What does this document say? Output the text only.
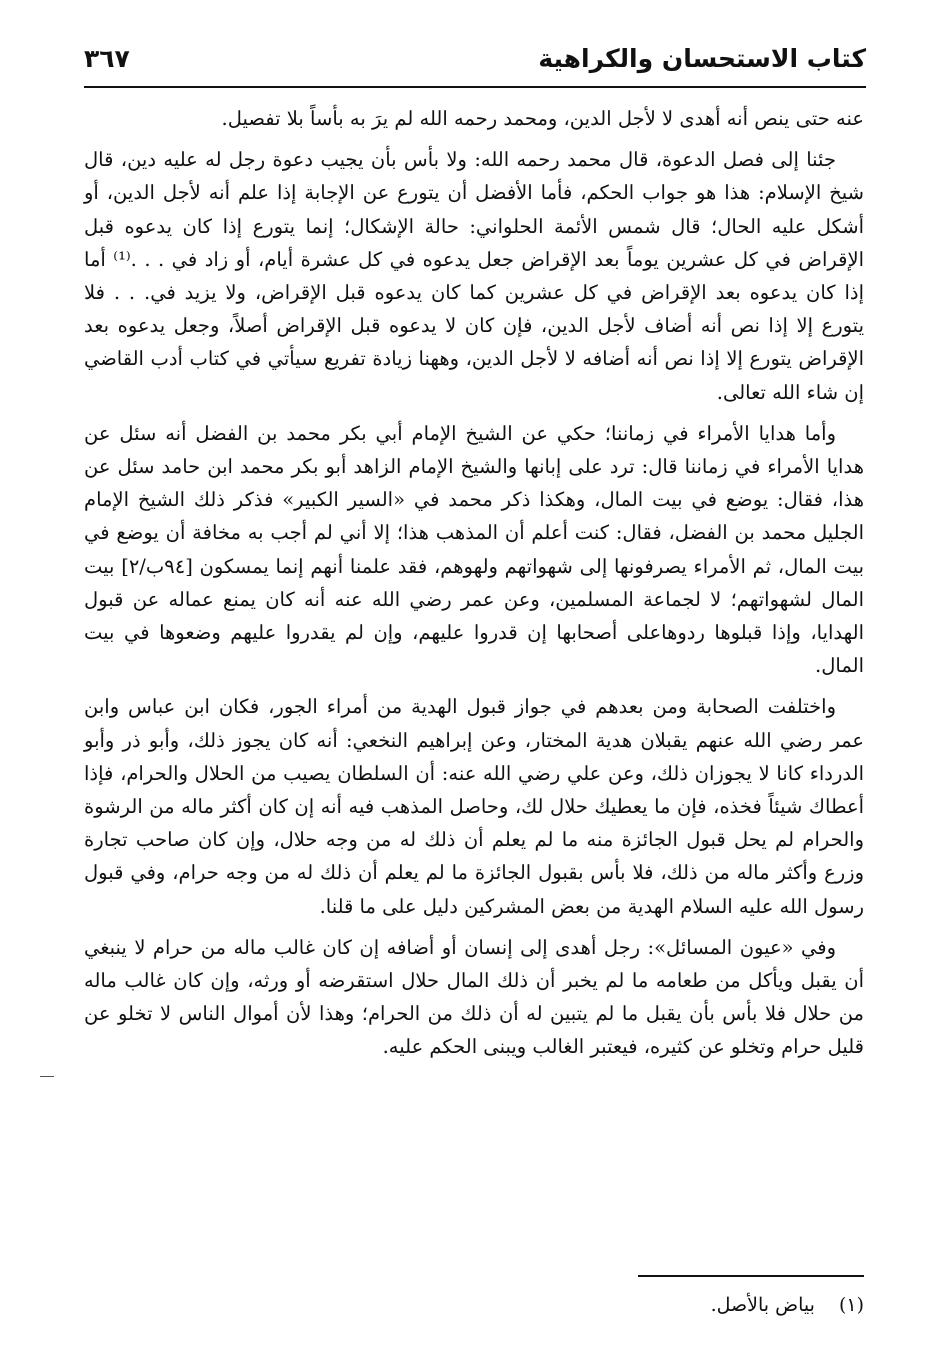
كتاب الاستحسان والكراهية
٣٦٧

عنه حتى ينص أنه أهدى لا لأجل الدين، ومحمد رحمه الله لم يرَ به بأساً بلا تفصيل.

جئنا إلى فصل الدعوة، قال محمد رحمه الله: ولا بأس بأن يجيب دعوة رجل له عليه دين، قال شيخ الإسلام: هذا هو جواب الحكم، فأما الأفضل أن يتورع عن الإجابة إذا علم أنه لأجل الدين، أو أشكل عليه الحال؛ قال شمس الأئمة الحلواني: حالة الإشكال؛ إنما يتورع إذا كان يدعوه قبل الإقراض في كل عشرين يوماً بعد الإقراض جعل يدعوه في كل عشرة أيام، أو زاد في . . .⁽¹⁾ أما إذا كان يدعوه بعد الإقراض في كل عشرين كما كان يدعوه قبل الإقراض، ولا يزيد في. . . فلا يتورع إلا إذا نص أنه أضاف لأجل الدين، فإن كان لا يدعوه قبل الإقراض أصلاً، وجعل يدعوه بعد الإقراض يتورع إلا إذا نص أنه أضافه لا لأجل الدين، وههنا زيادة تفريع سيأتي في كتاب أدب القاضي إن شاء الله تعالى.

وأما هدايا الأمراء في زماننا؛ حكي عن الشيخ الإمام أبي بكر محمد بن الفضل أنه سئل عن هدايا الأمراء في زماننا قال: ترد على إبانها والشيخ الإمام الزاهد أبو بكر محمد ابن حامد سئل عن هذا، فقال: يوضع في بيت المال، وهكذا ذكر محمد في «السير الكبير» فذكر ذلك الشيخ الإمام الجليل محمد بن الفضل، فقال: كنت أعلم أن المذهب هذا؛ إلا أني لم أجب به مخافة أن يوضع في بيت المال، ثم الأمراء يصرفونها إلى شهواتهم ولهوهم، فقد علمنا أنهم إنما يمسكون [٩٤ب/٢] بيت المال لشهواتهم؛ لا لجماعة المسلمين، وعن عمر رضي الله عنه أنه كان يمنع عماله عن قبول الهدايا، وإذا قبلوها ردوهاعلى أصحابها إن قدروا عليهم، وإن لم يقدروا عليهم وضعوها في بيت المال.

واختلفت الصحابة ومن بعدهم في جواز قبول الهدية من أمراء الجور، فكان ابن عباس وابن عمر رضي الله عنهم يقبلان هدية المختار، وعن إبراهيم النخعي: أنه كان يجوز ذلك، وأبو ذر وأبو الدرداء كانا لا يجوزان ذلك، وعن علي رضي الله عنه: أن السلطان يصيب من الحلال والحرام، فإذا أعطاك شيئاً فخذه، فإن ما يعطيك حلال لك، وحاصل المذهب فيه أنه إن كان أكثر ماله من الرشوة والحرام لم يحل قبول الجائزة منه ما لم يعلم أن ذلك له من وجه حلال، وإن كان صاحب تجارة وزرع وأكثر ماله من ذلك، فلا بأس بقبول الجائزة ما لم يعلم أن ذلك له من وجه حرام، وفي قبول رسول الله عليه السلام الهدية من بعض المشركين دليل على ما قلنا.

وفي «عيون المسائل»: رجل أهدى إلى إنسان أو أضافه إن كان غالب ماله من حرام لا ينبغي أن يقبل ويأكل من طعامه ما لم يخبر أن ذلك المال حلال استقرضه أو ورثه، وإن كان غالب ماله من حلال فلا بأس بأن يقبل ما لم يتبين له أن ذلك من الحرام؛ وهذا لأن أموال الناس لا تخلو عن قليل حرام وتخلو عن كثيره، فيعتبر الغالب ويبنى الحكم عليه.

(١) بياض بالأصل.
